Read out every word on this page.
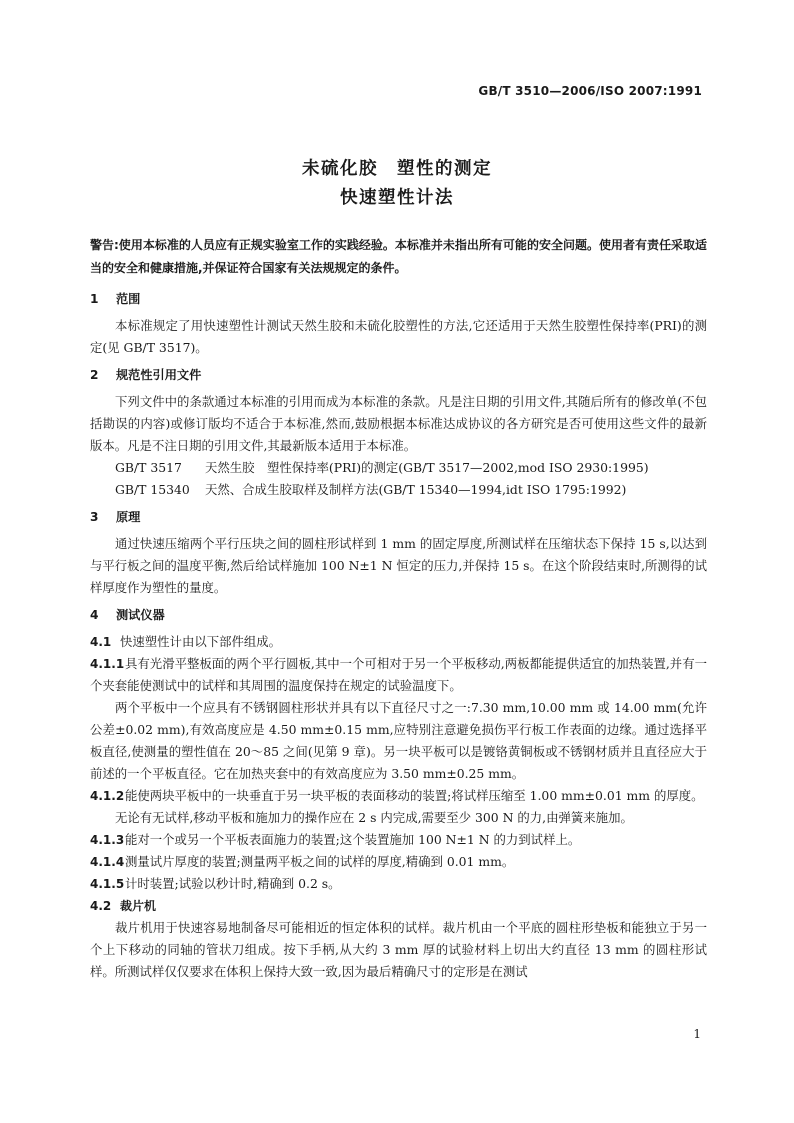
GB/T 3510—2006/ISO 2007:1991
未硫化胶　塑性的测定
快速塑性计法

警告:使用本标准的人员应有正规实验室工作的实践经验。本标准并未指出所有可能的安全问题。使用者有责任采取适当的安全和健康措施,并保证符合国家有关法规规定的条件。

1 范围

本标准规定了用快速塑性计测试天然生胶和未硫化胶塑性的方法,它还适用于天然生胶塑性保持率(PRI)的测定(见 GB/T 3517)。

2 规范性引用文件

下列文件中的条款通过本标准的引用而成为本标准的条款。凡是注日期的引用文件,其随后所有的修改单(不包括勘误的内容)或修订版均不适合于本标准,然而,鼓励根据本标准达成协议的各方研究是否可使用这些文件的最新版本。凡是不注日期的引用文件,其最新版本适用于本标准。

GB/T 3517 天然生胶　塑性保持率(PRI)的测定(GB/T 3517—2002,mod ISO 2930:1995)

GB/T 15340 天然、合成生胶取样及制样方法(GB/T 15340—1994,idt ISO 1795:1992)

3 原理

通过快速压缩两个平行压块之间的圆柱形试样到 1 mm 的固定厚度,所测试样在压缩状态下保持 15 s,以达到与平行板之间的温度平衡,然后给试样施加 100 N±1 N 恒定的压力,并保持 15 s。在这个阶段结束时,所测得的试样厚度作为塑性的量度。

4 测试仪器

4.1 快速塑性计由以下部件组成。

4.1.1具有光滑平整板面的两个平行圆板,其中一个可相对于另一个平板移动,两板都能提供适宜的加热装置,并有一个夹套能使测试中的试样和其周围的温度保持在规定的试验温度下。

两个平板中一个应具有不锈钢圆柱形状并具有以下直径尺寸之一:7.30 mm,10.00 mm 或 14.00 mm(允许公差±0.02 mm),有效高度应是 4.50 mm±0.15 mm,应特别注意避免损伤平行板工作表面的边缘。通过选择平板直径,使测量的塑性值在 20～85 之间(见第 9 章)。另一块平板可以是镀铬黄铜板或不锈钢材质并且直径应大于前述的一个平板直径。它在加热夹套中的有效高度应为 3.50 mm±0.25 mm。

4.1.2能使两块平板中的一块垂直于另一块平板的表面移动的装置;将试样压缩至 1.00 mm±0.01 mm 的厚度。

无论有无试样,移动平板和施加力的操作应在 2 s 内完成,需要至少 300 N 的力,由弹簧来施加。

4.1.3能对一个或另一个平板表面施力的装置;这个装置施加 100 N±1 N 的力到试样上。

4.1.4测量试片厚度的装置;测量两平板之间的试样的厚度,精确到 0.01 mm。

4.1.5计时装置;试验以秒计时,精确到 0.2 s。

4.2 裁片机

裁片机用于快速容易地制备尽可能相近的恒定体积的试样。裁片机由一个平底的圆柱形垫板和能独立于另一个上下移动的同轴的管状刀组成。按下手柄,从大约 3 mm 厚的试验材料上切出大约直径 13 mm 的圆柱形试样。所测试样仅仅要求在体积上保持大致一致,因为最后精确尺寸的定形是在测试

1
